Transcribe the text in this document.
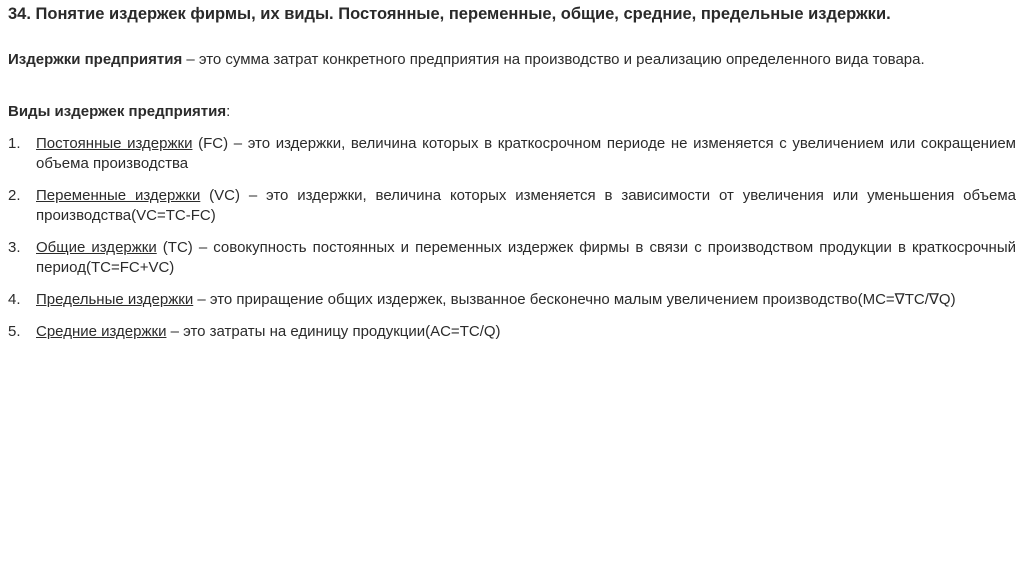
34. Понятие издержек фирмы, их виды. Постоянные, переменные, общие, средние, предельные издержки.
Издержки предприятия – это сумма затрат конкретного предприятия на производство и реализацию определенного вида товара.
Виды издержек предприятия:
1. Постоянные издержки (FC) – это издержки, величина которых в краткосрочном периоде не изменяется с увеличением или сокращением объема производства
2. Переменные издержки (VC) – это издержки, величина которых изменяется в зависимости от увеличения или уменьшения объема производства(VC=TC-FC)
3. Общие издержки (TC) – совокупность постоянных и переменных издержек фирмы в связи с производством продукции в краткосрочный период(TC=FC+VC)
4. Предельные издержки – это приращение общих издержек, вызванное бесконечно малым увеличением производство(MC=∇TC/∇Q)
5. Средние издержки – это затраты на единицу продукции(AC=TC/Q)
